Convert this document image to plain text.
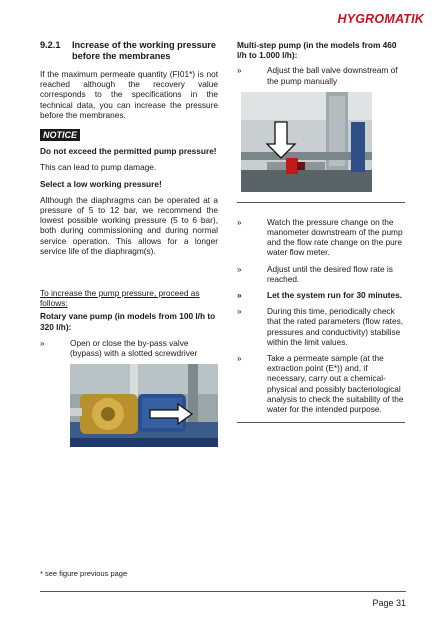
HYGROMATIK
9.2.1	Increase of the working pressure before the membranes

If the maximum permeate quantity (FI01*) is not reached although the recovery value corresponds to the specifications in the technical data, you can increase the pressure before the membranes.

NOTICE

Do not exceed the permitted pump pressure!

This can lead to pump damage.

Select a low working pressure!

Although the diaphragms can be operated at a pressure of 5 to 12 bar, we recommend the lowest possible working pressure (5 to 6 bar), both during commissioning and during normal service operation. This allows for a longer service life of the diaphragm(s).

To increase the pump pressure, proceed as follows:

Rotary vane pump (in models from 100 l/h to 320 l/h):

»	Open or close the by-pass valve (bypass) with a slotted screwdriver

Multi-step pump (in the models from 460 l/h to 1.000 l/h):

»	Adjust the ball valve downstream of the pump manually
»	Watch the pressure change on the manometer downstream of the pump and the flow rate change on the pure water flow meter.
»	Adjust until the desired flow rate is reached.
»	Let the system run for 30 minutes.
»	During this time, periodically check that the rated parameters (flow rates, pressures and conductivity) stabilise within the limit values.
»	Take a permeate sample (at the extraction point (E*)) and, if necessary, carry out a chemical-physical and possibly bacteriological analysis to check the suitability of the water for the intended purpose.
* see figure previous page
Page 31
